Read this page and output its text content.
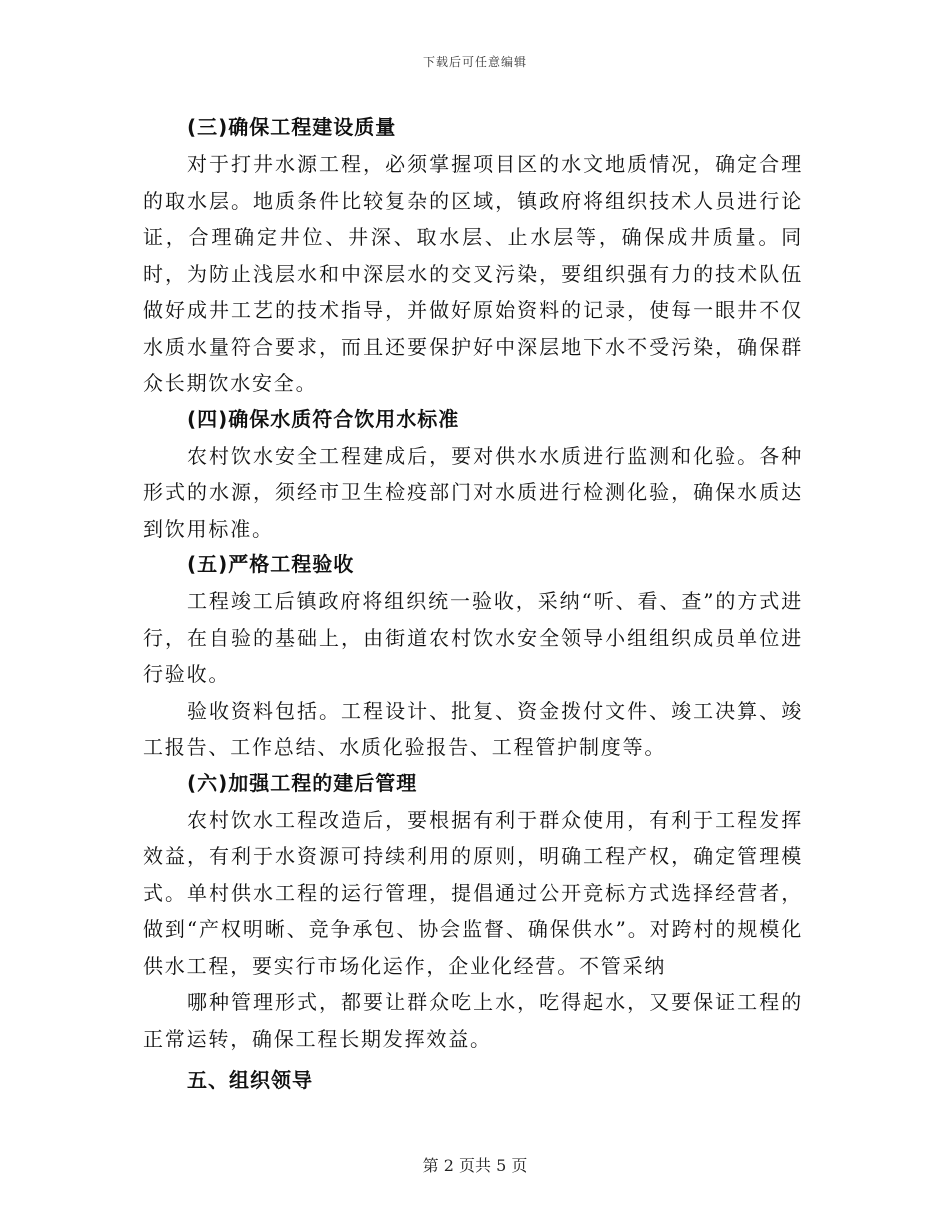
下载后可任意编辑

(三)确保工程建设质量

对于打井水源工程，必须掌握项目区的水文地质情况，确定合理的取水层。地质条件比较复杂的区域，镇政府将组织技术人员进行论证，合理确定井位、井深、取水层、止水层等，确保成井质量。同时，为防止浅层水和中深层水的交叉污染，要组织强有力的技术队伍做好成井工艺的技术指导，并做好原始资料的记录，使每一眼井不仅水质水量符合要求，而且还要保护好中深层地下水不受污染，确保群众长期饮水安全。

(四)确保水质符合饮用水标准

农村饮水安全工程建成后，要对供水水质进行监测和化验。各种形式的水源，须经市卫生检疫部门对水质进行检测化验，确保水质达到饮用标准。

(五)严格工程验收

工程竣工后镇政府将组织统一验收，采纳“听、看、查”的方式进行，在自验的基础上，由街道农村饮水安全领导小组组织成员单位进行验收。

验收资料包括。工程设计、批复、资金拨付文件、竣工决算、竣工报告、工作总结、水质化验报告、工程管护制度等。

(六)加强工程的建后管理

农村饮水工程改造后，要根据有利于群众使用，有利于工程发挥效益，有利于水资源可持续利用的原则，明确工程产权，确定管理模式。单村供水工程的运行管理，提倡通过公开竞标方式选择经营者，做到“产权明晰、竞争承包、协会监督、确保供水”。对跨村的规模化供水工程，要实行市场化运作，企业化经营。不管采纳

哪种管理形式，都要让群众吃上水，吃得起水，又要保证工程的正常运转，确保工程长期发挥效益。

五、组织领导

第 2 页共 5 页
